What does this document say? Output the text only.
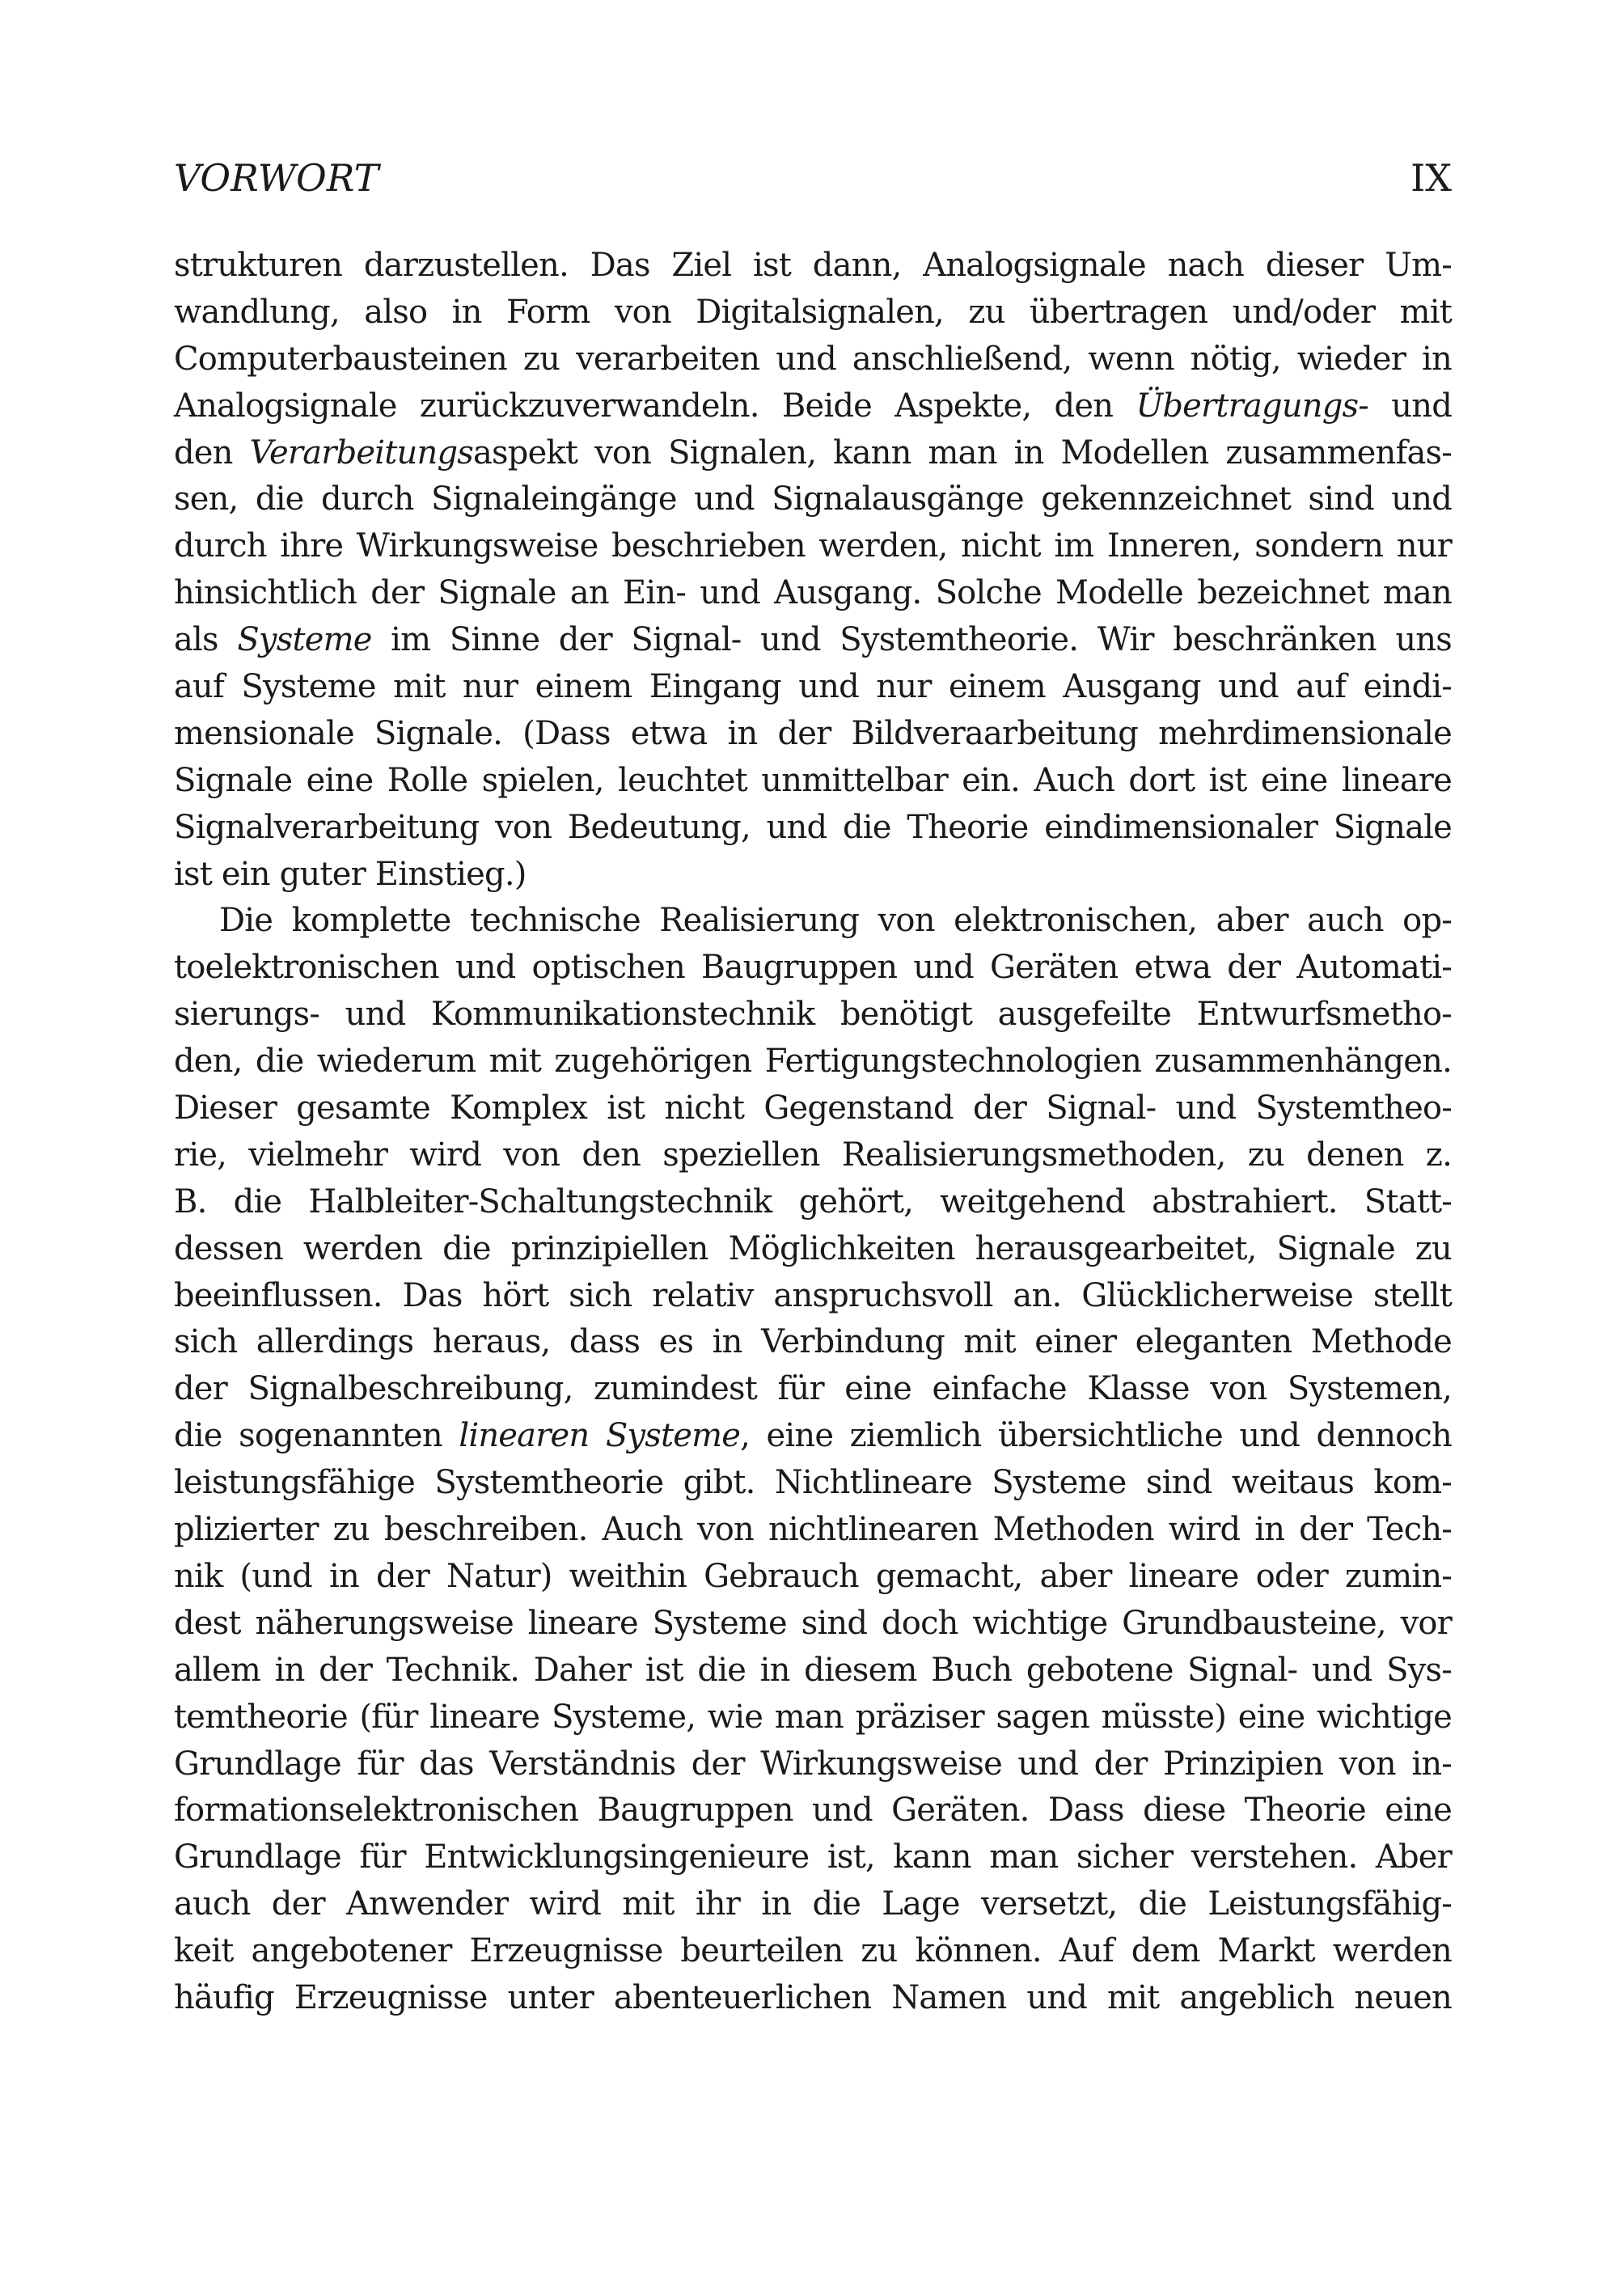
VORWORT	IX
strukturen darzustellen. Das Ziel ist dann, Analogsignale nach dieser Um-
wandlung, also in Form von Digitalsignalen, zu übertragen und/oder mit
Computerbausteinen zu verarbeiten und anschließend, wenn nötig, wieder in
Analogsignale zurückzuverwandeln. Beide Aspekte, den Übertragungs- und
den Verarbeitungsaspekt von Signalen, kann man in Modellen zusammenfas-
sen, die durch Signaleingänge und Signalausgänge gekennzeichnet sind und
durch ihre Wirkungsweise beschrieben werden, nicht im Inneren, sondern nur
hinsichtlich der Signale an Ein- und Ausgang. Solche Modelle bezeichnet man
als Systeme im Sinne der Signal- und Systemtheorie. Wir beschränken uns
auf Systeme mit nur einem Eingang und nur einem Ausgang und auf eindi-
mensionale Signale. (Dass etwa in der Bildveraarbeitung mehrdimensionale
Signale eine Rolle spielen, leuchtet unmittelbar ein. Auch dort ist eine lineare
Signalverarbeitung von Bedeutung, und die Theorie eindimensionaler Signale
ist ein guter Einstieg.)
Die komplette technische Realisierung von elektronischen, aber auch op-
toelektronischen und optischen Baugruppen und Geräten etwa der Automati-
sierungs- und Kommunikationstechnik benötigt ausgefeilte Entwurfsmetho-
den, die wiederum mit zugehörigen Fertigungstechnologien zusammenhängen.
Dieser gesamte Komplex ist nicht Gegenstand der Signal- und Systemtheo-
rie, vielmehr wird von den speziellen Realisierungsmethoden, zu denen z.
B. die Halbleiter-Schaltungstechnik gehört, weitgehend abstrahiert. Statt-
dessen werden die prinzipiellen Möglichkeiten herausgearbeitet, Signale zu
beeinflussen. Das hört sich relativ anspruchsvoll an. Glücklicherweise stellt
sich allerdings heraus, dass es in Verbindung mit einer eleganten Methode
der Signalbeschreibung, zumindest für eine einfache Klasse von Systemen,
die sogenannten linearen Systeme, eine ziemlich übersichtliche und dennoch
leistungsfähige Systemtheorie gibt. Nichtlineare Systeme sind weitaus kom-
plizierter zu beschreiben. Auch von nichtlinearen Methoden wird in der Tech-
nik (und in der Natur) weithin Gebrauch gemacht, aber lineare oder zumin-
dest näherungsweise lineare Systeme sind doch wichtige Grundbausteine, vor
allem in der Technik. Daher ist die in diesem Buch gebotene Signal- und Sys-
temtheorie (für lineare Systeme, wie man präziser sagen müsste) eine wichtige
Grundlage für das Verständnis der Wirkungsweise und der Prinzipien von in-
formationselektronischen Baugruppen und Geräten. Dass diese Theorie eine
Grundlage für Entwicklungsingenieure ist, kann man sicher verstehen. Aber
auch der Anwender wird mit ihr in die Lage versetzt, die Leistungsfähig-
keit angebotener Erzeugnisse beurteilen zu können. Auf dem Markt werden
häufig Erzeugnisse unter abenteuerlichen Namen und mit angeblich neuen
